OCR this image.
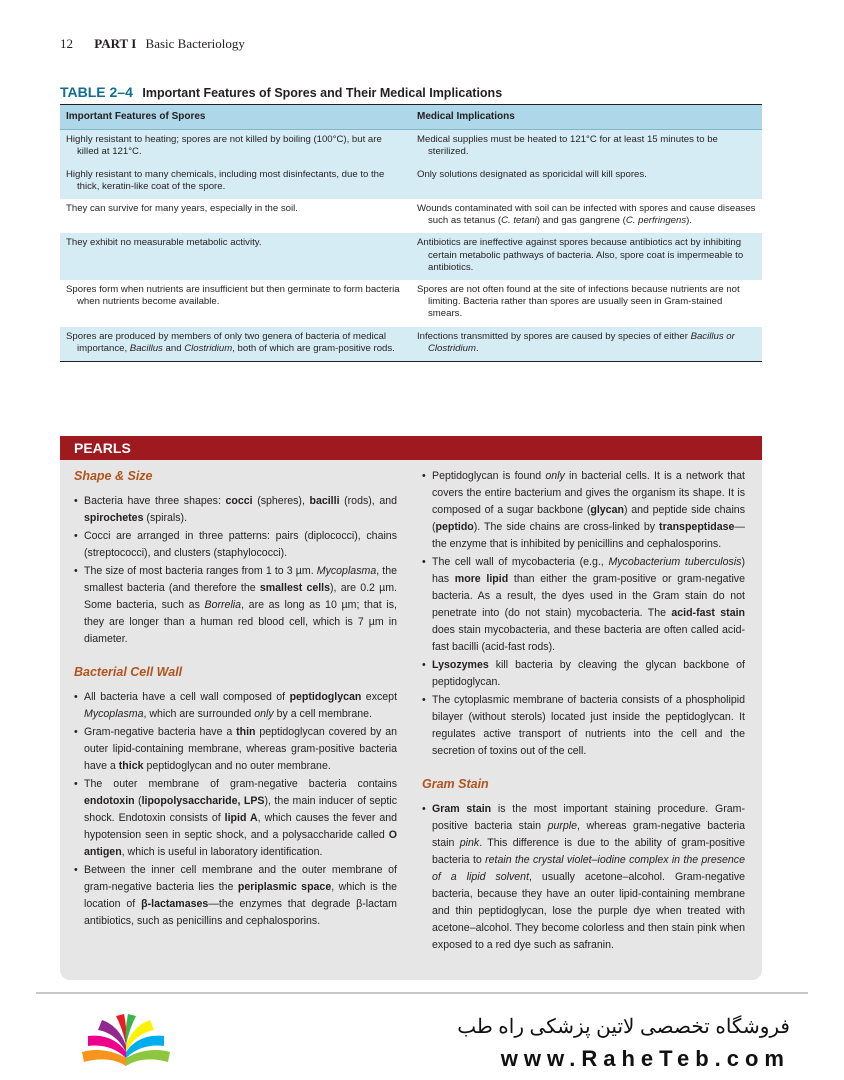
12 PART I Basic Bacteriology
TABLE 2–4 Important Features of Spores and Their Medical Implications
Important Features of Spores	Medical Implications

Highly resistant to heating; spores are not killed by boiling (100°C), but are killed at 121°C.	Medical supplies must be heated to 121°C for at least 15 minutes to be sterilized.

Highly resistant to many chemicals, including most disinfectants, due to the thick, keratin-like coat of the spore.	Only solutions designated as sporicidal will kill spores.

They can survive for many years, especially in the soil.	Wounds contaminated with soil can be infected with spores and cause diseases such as tetanus (C. tetani) and gas gangrene (C. perfringens).

They exhibit no measurable metabolic activity.	Antibiotics are ineffective against spores because antibiotics act by inhibiting certain metabolic pathways of bacteria. Also, spore coat is impermeable to antibiotics.

Spores form when nutrients are insufficient but then germinate to form bacteria when nutrients become available.	Spores are not often found at the site of infections because nutrients are not limiting. Bacteria rather than spores are usually seen in Gram-stained smears.

Spores are produced by members of only two genera of bacteria of medical importance, Bacillus and Clostridium, both of which are gram-positive rods.	Infections transmitted by spores are caused by species of either Bacillus or Clostridium.
PEARLS
Shape & Size
• Bacteria have three shapes: cocci (spheres), bacilli (rods), and spirochetes (spirals).
• Cocci are arranged in three patterns: pairs (diplococci), chains (streptococci), and clusters (staphylococci).
• The size of most bacteria ranges from 1 to 3 µm. Mycoplasma, the smallest bacteria (and therefore the smallest cells), are 0.2 µm. Some bacteria, such as Borrelia, are as long as 10 µm; that is, they are longer than a human red blood cell, which is 7 µm in diameter.
Bacterial Cell Wall
• All bacteria have a cell wall composed of peptidoglycan except Mycoplasma, which are surrounded only by a cell membrane.
• Gram-negative bacteria have a thin peptidoglycan covered by an outer lipid-containing membrane, whereas gram-positive bacteria have a thick peptidoglycan and no outer membrane.
• The outer membrane of gram-negative bacteria contains endotoxin (lipopolysaccharide, LPS), the main inducer of septic shock. Endotoxin consists of lipid A, which causes the fever and hypotension seen in septic shock, and a polysaccharide called O antigen, which is useful in laboratory identification.
• Between the inner cell membrane and the outer membrane of gram-negative bacteria lies the periplasmic space, which is the location of β-lactamases—the enzymes that degrade β-lactam antibiotics, such as penicillins and cephalosporins.
• Peptidoglycan is found only in bacterial cells. It is a network that covers the entire bacterium and gives the organism its shape. It is composed of a sugar backbone (glycan) and peptide side chains (peptido). The side chains are cross-linked by transpeptidase—the enzyme that is inhibited by penicillins and cephalosporins.
• The cell wall of mycobacteria (e.g., Mycobacterium tuberculosis) has more lipid than either the gram-positive or gram-negative bacteria. As a result, the dyes used in the Gram stain do not penetrate into (do not stain) mycobacteria. The acid-fast stain does stain mycobacteria, and these bacteria are often called acid-fast bacilli (acid-fast rods).
• Lysozymes kill bacteria by cleaving the glycan backbone of peptidoglycan.
• The cytoplasmic membrane of bacteria consists of a phospholipid bilayer (without sterols) located just inside the peptidoglycan. It regulates active transport of nutrients into the cell and the secretion of toxins out of the cell.
Gram Stain
• Gram stain is the most important staining procedure. Gram-positive bacteria stain purple, whereas gram-negative bacteria stain pink. This difference is due to the ability of gram-positive bacteria to retain the crystal violet–iodine complex in the presence of a lipid solvent, usually acetone–alcohol. Gram-negative bacteria, because they have an outer lipid-containing membrane and thin peptidoglycan, lose the purple dye when treated with acetone–alcohol. They become colorless and then stain pink when exposed to a red dye such as safranin.
فروشگاه تخصصی لاتین پزشکی راه طب
www.RaheTeb.com
